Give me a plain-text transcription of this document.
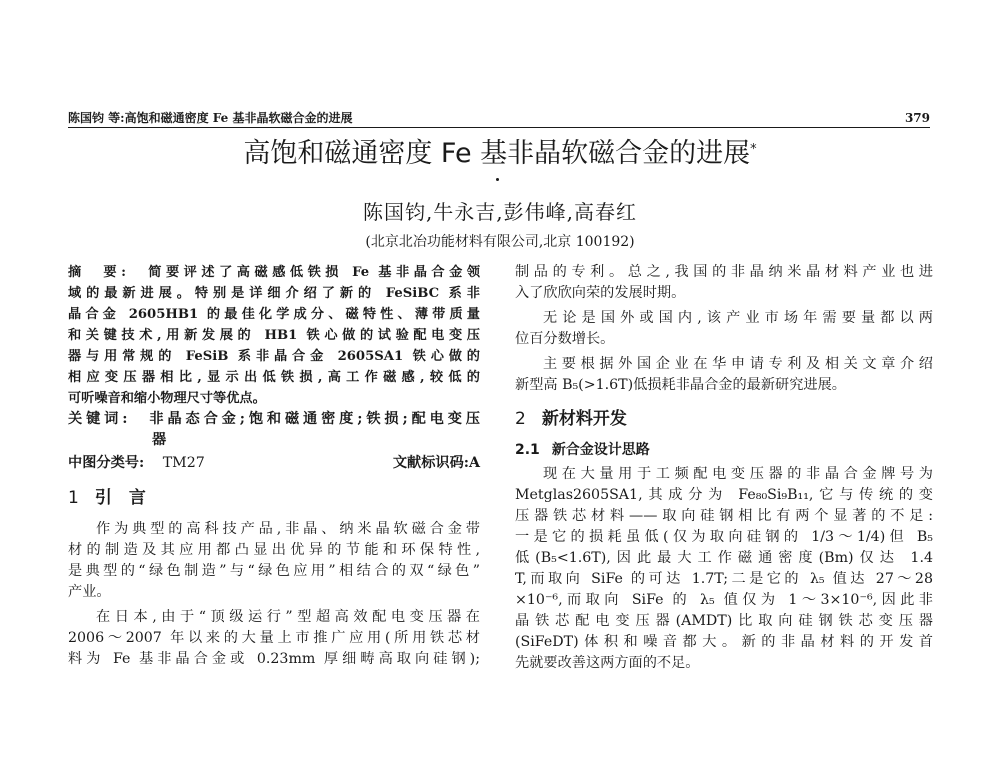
陈国钧 等:高饱和磁通密度 Fe 基非晶软磁合金的进展	379
高饱和磁通密度 Fe 基非晶软磁合金的进展*
陈国钧,牛永吉,彭伟峰,高春红
(北京北冶功能材料有限公司,北京 100192)
摘　要:　 简要评述了高磁感低铁损 Fe 基非晶合金领
域的最新进展。特别是详细介绍了新的 FeSiBC 系非
晶合金 2605HB1 的最佳化学成分、磁特性、薄带质量
和关键技术,用新发展的 HB1 铁心做的试验配电变压
器与用常规的 FeSiB 系非晶合金 2605SA1 铁心做的
相应变压器相比,显示出低铁损,高工作磁感,较低的
可听噪音和缩小物理尺寸等优点。
关键词:　 非晶态合金;饱和磁通密度;铁损;配电变压
器
中图分类号: TM27	文献标识码:A
1 引　言
作为典型的高科技产品,非晶、纳米晶软磁合金带
材的制造及其应用都凸显出优异的节能和环保特性,
是典型的“绿色制造”与“绿色应用”相结合的双“绿色”
产业。
在日本,由于“顶级运行”型超高效配电变压器在
2006～2007 年以来的大量上市推广应用(所用铁芯材
料为 Fe 基非晶合金或 0.23mm 厚细畴高取向硅钢);
制品的专利。总之,我国的非晶纳米晶材料产业也进
入了欣欣向荣的发展时期。
无论是国外或国内,该产业市场年需要量都以两
位百分数增长。
主要根据外国企业在华申请专利及相关文章介绍
新型高 B₅(>1.6T)低损耗非晶合金的最新研究进展。
2 新材料开发
2.1 新合金设计思路
现在大量用于工频配电变压器的非晶合金牌号为
Metglas2605SA1,其成分为 Fe₈₀Si₉B₁₁,它与传统的变
压器铁芯材料——取向硅钢相比有两个显著的不足:
一是它的损耗虽低(仅为取向硅钢的 1/3～1/4)但 B₅
低(B₅<1.6T),因此最大工作磁通密度(Bm)仅达 1.4
T,而取向 SiFe 的可达 1.7T;二是它的 λ₅ 值达 27～28
×10⁻⁶,而取向 SiFe 的 λ₅ 值仅为 1～3×10⁻⁶,因此非
晶铁芯配电变压器(AMDT)比取向硅钢铁芯变压器
(SiFeDT)体积和噪音都大。新的非晶材料的开发首
先就要改善这两方面的不足。
